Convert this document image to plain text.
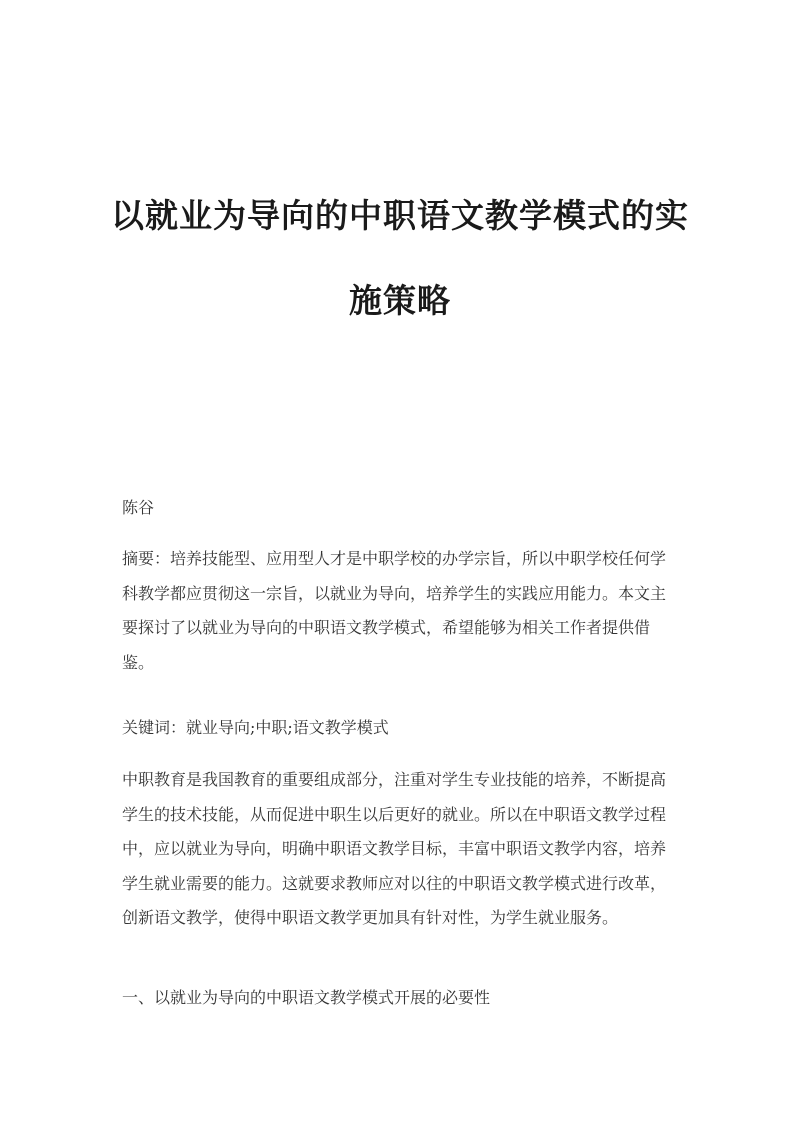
以就业为导向的中职语文教学模式的实
施策略
陈谷
摘要：培养技能型、应用型人才是中职学校的办学宗旨，所以中职学校任何学
科教学都应贯彻这一宗旨，以就业为导向，培养学生的实践应用能力。本文主
要探讨了以就业为导向的中职语文教学模式，希望能够为相关工作者提供借
鉴。
关键词：就业导向;中职;语文教学模式
中职教育是我国教育的重要组成部分，注重对学生专业技能的培养，不断提高
学生的技术技能，从而促进中职生以后更好的就业。所以在中职语文教学过程
中，应以就业为导向，明确中职语文教学目标，丰富中职语文教学内容，培养
学生就业需要的能力。这就要求教师应对以往的中职语文教学模式进行改革，
创新语文教学，使得中职语文教学更加具有针对性，为学生就业服务。
一、以就业为导向的中职语文教学模式开展的必要性
